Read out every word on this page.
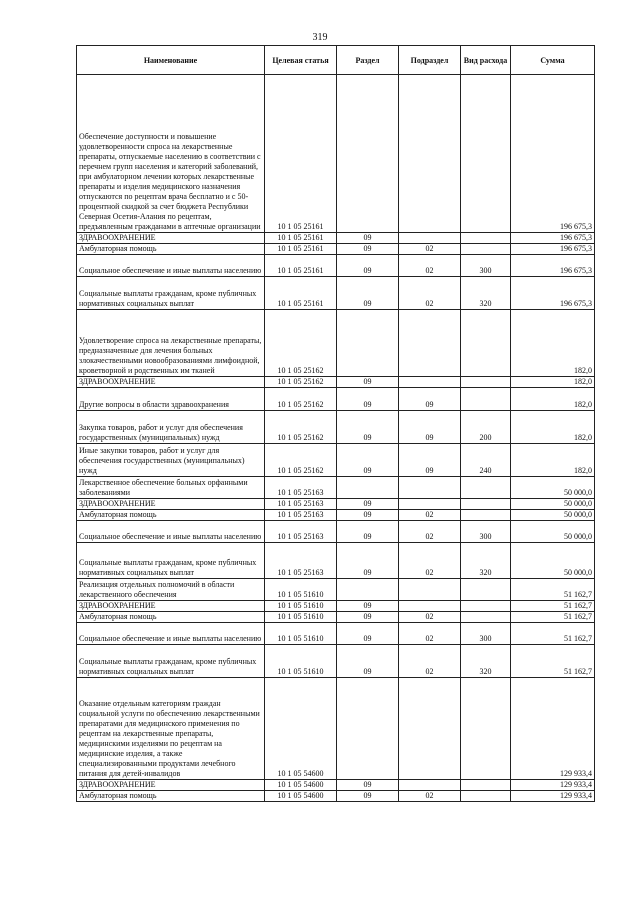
319
Наименование	Целевая статья	Раздел	Подраздел	Вид расхода	Сумма
Обеспечение доступности и повышение удовлетворенности спроса на лекарственные препараты, отпускаемые населению в соответствии с перечнем групп населения и категорий заболеваний, при амбулаторном лечении которых лекарственные препараты и изделия медицинского назначения отпускаются по рецептам врача бесплатно и с 50-процентной скидкой за счет бюджета Республики Северная Осетия-Алания по рецептам, предъявленным гражданами в аптечные организации	10 1 05 25161				196 675,3
ЗДРАВООХРАНЕНИЕ	10 1 05 25161	09			196 675,3
Амбулаторная помощь	10 1 05 25161	09	02		196 675,3
Социальное обеспечение и иные выплаты населению	10 1 05 25161	09	02	300	196 675,3
Социальные выплаты гражданам, кроме публичных нормативных социальных выплат	10 1 05 25161	09	02	320	196 675,3
Удовлетворение спроса на лекарственные препараты, предназначенные для лечения больных злокачественными новообразованиями лимфоидной, кроветворной и родственных им тканей	10 1 05 25162				182,0
ЗДРАВООХРАНЕНИЕ	10 1 05 25162	09			182,0
Другие вопросы в области здравоохранения	10 1 05 25162	09	09		182,0
Закупка товаров, работ и услуг для обеспечения государственных (муниципальных) нужд	10 1 05 25162	09	09	200	182,0
Иные закупки товаров, работ и услуг для обеспечения государственных (муниципальных) нужд	10 1 05 25162	09	09	240	182,0
Лекарственное обеспечение больных орфанными заболеваниями	10 1 05 25163				50 000,0
ЗДРАВООХРАНЕНИЕ	10 1 05 25163	09			50 000,0
Амбулаторная помощь	10 1 05 25163	09	02		50 000,0
Социальное обеспечение и иные выплаты населению	10 1 05 25163	09	02	300	50 000,0
Социальные выплаты гражданам, кроме публичных нормативных социальных выплат	10 1 05 25163	09	02	320	50 000,0
Реализация отдельных полномочий в области лекарственного обеспечения	10 1 05 51610				51 162,7
ЗДРАВООХРАНЕНИЕ	10 1 05 51610	09			51 162,7
Амбулаторная помощь	10 1 05 51610	09	02		51 162,7
Социальное обеспечение и иные выплаты населению	10 1 05 51610	09	02	300	51 162,7
Социальные выплаты гражданам, кроме публичных нормативных социальных выплат	10 1 05 51610	09	02	320	51 162,7
Оказание отдельным категориям граждан социальной услуги по обеспечению лекарственными препаратами для медицинского применения по рецептам на лекарственные препараты, медицинскими изделиями по рецептам на медицинские изделия, а также специализированными продуктами лечебного питания для детей-инвалидов	10 1 05 54600				129 933,4
ЗДРАВООХРАНЕНИЕ	10 1 05 54600	09			129 933,4
Амбулаторная помощь	10 1 05 54600	09	02		129 933,4
